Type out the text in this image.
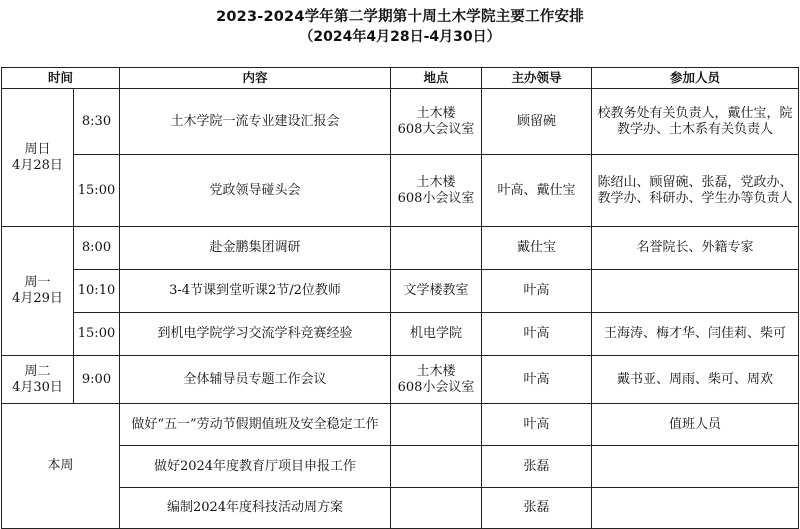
2023-2024学年第二学期第十周土木学院主要工作安排
（2024年4月28日-4月30日）
时间		内容	地点	主办领导	参加人员
周日
4月28日	8:30	土木学院一流专业建设汇报会	土木楼
608大会议室	顾留碗	校教务处有关负责人，戴仕宝，院教学办、土木系有关负责人
	15:00	党政领导碰头会	土木楼
608小会议室	叶高、戴仕宝	陈绍山、顾留碗、张磊，党政办、教学办、科研办、学生办等负责人
周一
4月29日	8:00	赴金鹏集团调研		戴仕宝	名誉院长、外籍专家
	10:10	3-4节课到堂听课2节/2位教师	文学楼教室	叶高	
	15:00	到机电学院学习交流学科竞赛经验	机电学院	叶高	王海涛、梅才华、闫佳莉、柴可
周二
4月30日	9:00	全体辅导员专题工作会议	土木楼
608小会议室	叶高	戴书亚、周雨、柴可、周欢
本周		做好“五一”劳动节假期值班及安全稳定工作		叶高	值班人员
		做好2024年度教育厅项目申报工作		张磊	
		编制2024年度科技活动周方案		张磊	
